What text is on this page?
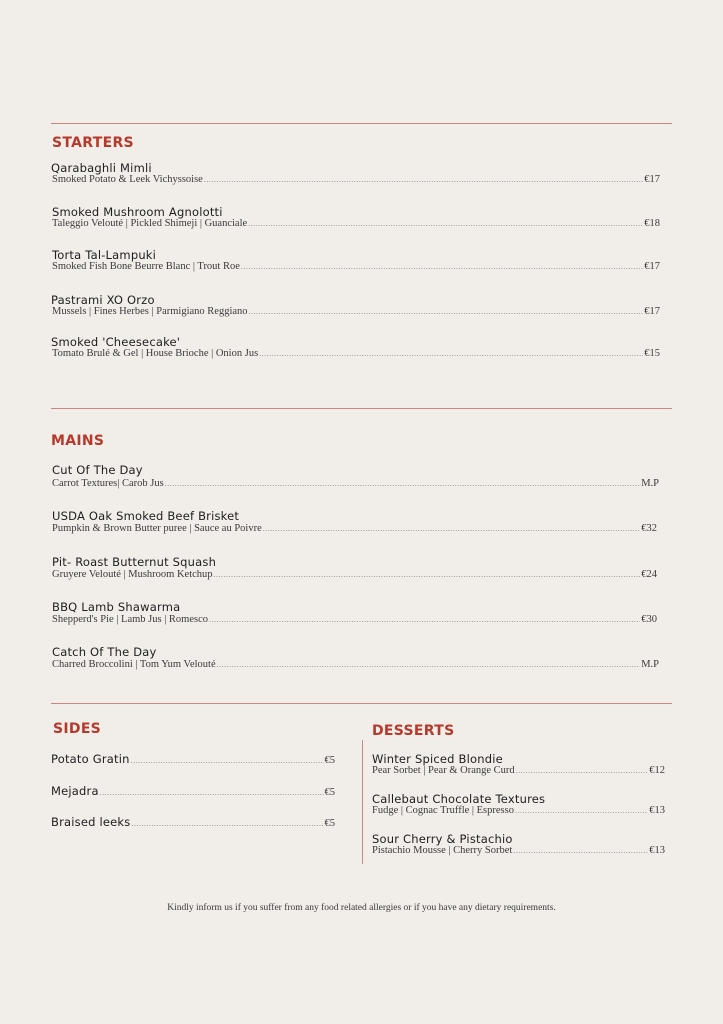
STARTERS
Qarabaghli Mimli
Smoked Potato & Leek Vichyssoise .....	€17
Smoked Mushroom Agnolotti
Taleggio Velouté | Pickled Shimeji | Guanciale .....	€18
Torta Tal-Lampuki
Smoked Fish Bone Beurre Blanc | Trout Roe .....	€17
Pastrami XO Orzo
Mussels | Fines Herbes | Parmigiano Reggiano .....	€17
Smoked 'Cheesecake'
Tomato Brulé & Gel | House Brioche | Onion Jus .....	€15
MAINS
Cut Of The Day
Carrot Textures| Carob Jus .....	M.P
USDA Oak Smoked Beef Brisket
Pumpkin & Brown Butter puree | Sauce au Poivre .....	€32
Pit- Roast Butternut Squash
Gruyere Velouté | Mushroom Ketchup .....	€24
BBQ Lamb Shawarma
Shepperd's Pie | Lamb Jus | Romesco .....	€30
Catch Of The Day
Charred Broccolini | Tom Yum Velouté .....	M.P
SIDES
Potato Gratin .....	€5
Mejadra .....	€5
Braised leeks .....	€5
DESSERTS
Winter Spiced Blondie
Pear Sorbet | Pear & Orange Curd .....	€12
Callebaut Chocolate Textures
Fudge | Cognac Truffle | Espresso .....	€13
Sour Cherry & Pistachio
Pistachio Mousse | Cherry Sorbet .....	€13
Kindly inform us if you suffer from any food related allergies or if you have any dietary requirements.
